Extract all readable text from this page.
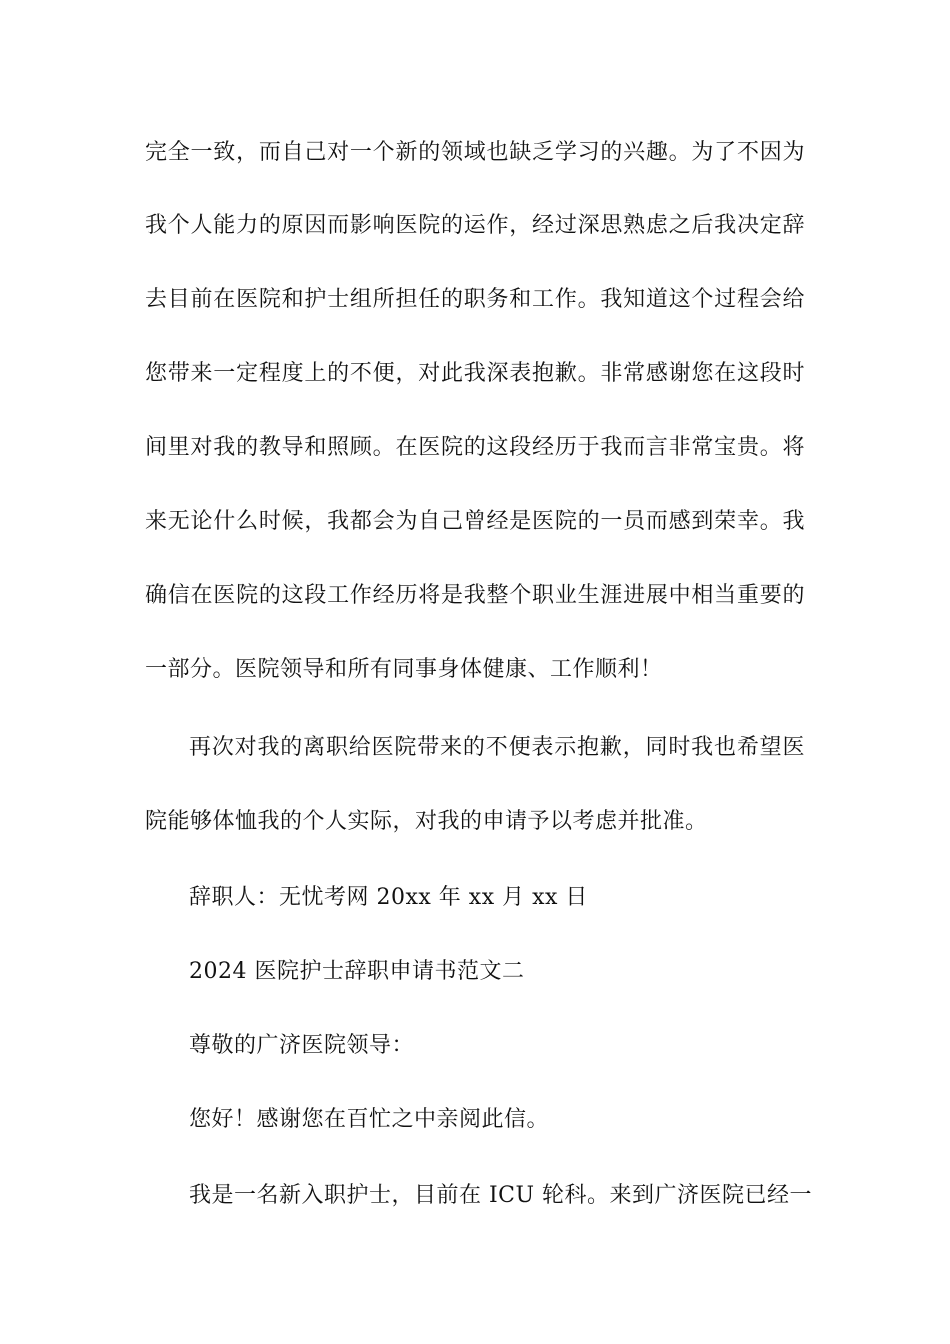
完全一致，而自己对一个新的领域也缺乏学习的兴趣。为了不因为
我个人能力的原因而影响医院的运作，经过深思熟虑之后我决定辞
去目前在医院和护士组所担任的职务和工作。我知道这个过程会给
您带来一定程度上的不便，对此我深表抱歉。非常感谢您在这段时
间里对我的教导和照顾。在医院的这段经历于我而言非常宝贵。将
来无论什么时候，我都会为自己曾经是医院的一员而感到荣幸。我
确信在医院的这段工作经历将是我整个职业生涯进展中相当重要的
一部分。医院领导和所有同事身体健康、工作顺利！
再次对我的离职给医院带来的不便表示抱歉，同时我也希望医
院能够体恤我的个人实际，对我的申请予以考虑并批准。
辞职人：无忧考网 20xx 年 xx 月 xx 日
2024 医院护士辞职申请书范文二
尊敬的广济医院领导：
您好！感谢您在百忙之中亲阅此信。
我是一名新入职护士，目前在 ICU 轮科。来到广济医院已经一
